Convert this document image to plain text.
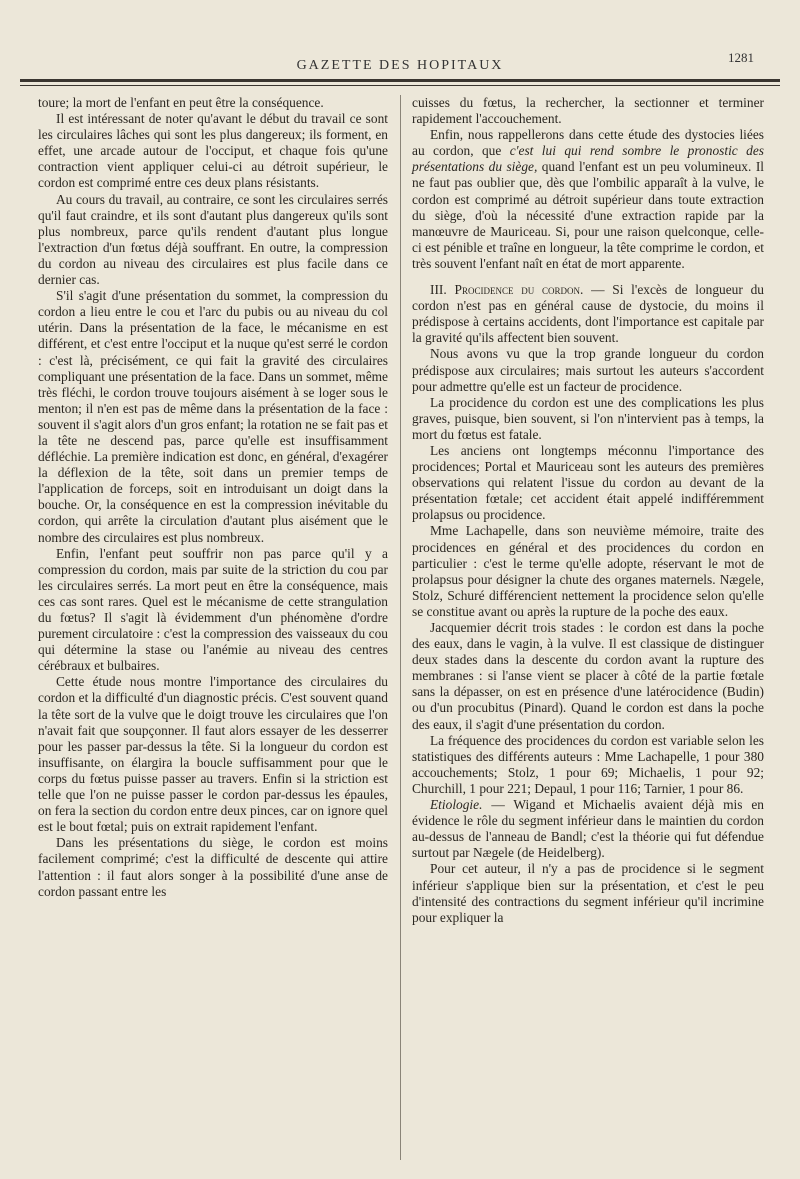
1281
GAZETTE DES HOPITAUX

toure; la mort de l'enfant en peut être la conséquence.

Il est intéressant de noter qu'avant le début du travail ce sont les circulaires lâches qui sont les plus dangereux; ils forment, en effet, une arcade autour de l'occiput, et chaque fois qu'une contraction vient appliquer celui-ci au détroit supérieur, le cordon est comprimé entre ces deux plans résistants.

Au cours du travail, au contraire, ce sont les circulaires serrés qu'il faut craindre, et ils sont d'autant plus dangereux qu'ils sont plus nombreux, parce qu'ils rendent d'autant plus longue l'extraction d'un fœtus déjà souffrant. En outre, la compression du cordon au niveau des circulaires est plus facile dans ce dernier cas.

S'il s'agit d'une présentation du sommet, la compression du cordon a lieu entre le cou et l'arc du pubis ou au niveau du col utérin. Dans la présentation de la face, le mécanisme en est différent, et c'est entre l'occiput et la nuque qu'est serré le cordon : c'est là, précisément, ce qui fait la gravité des circulaires compliquant une présentation de la face. Dans un sommet, même très fléchi, le cordon trouve toujours aisément à se loger sous le menton; il n'en est pas de même dans la présentation de la face : souvent il s'agit alors d'un gros enfant; la rotation ne se fait pas et la tête ne descend pas, parce qu'elle est insuffisamment défléchie. La première indication est donc, en général, d'exagérer la déflexion de la tête, soit dans un premier temps de l'application de forceps, soit en introduisant un doigt dans la bouche. Or, la conséquence en est la compression inévitable du cordon, qui arrête la circulation d'autant plus aisément que le nombre des circulaires est plus nombreux.

Enfin, l'enfant peut souffrir non pas parce qu'il y a compression du cordon, mais par suite de la striction du cou par les circulaires serrés. La mort peut en être la conséquence, mais ces cas sont rares. Quel est le mécanisme de cette strangulation du fœtus? Il s'agit là évidemment d'un phénomène d'ordre purement circulatoire : c'est la compression des vaisseaux du cou qui détermine la stase ou l'anémie au niveau des centres cérébraux et bulbaires.

Cette étude nous montre l'importance des circulaires du cordon et la difficulté d'un diagnostic précis. C'est souvent quand la tête sort de la vulve que le doigt trouve les circulaires que l'on n'avait fait que soupçonner. Il faut alors essayer de les desserrer pour les passer par-dessus la tête. Si la longueur du cordon est insuffisante, on élargira la boucle suffisamment pour que le corps du fœtus puisse passer au travers. Enfin si la striction est telle que l'on ne puisse passer le cordon par-dessus les épaules, on fera la section du cordon entre deux pinces, car on ignore quel est le bout fœtal; puis on extrait rapidement l'enfant.

Dans les présentations du siège, le cordon est moins facilement comprimé; c'est la difficulté de descente qui attire l'attention : il faut alors songer à la possibilité d'une anse de cordon passant entre les

cuisses du fœtus, la rechercher, la sectionner et terminer rapidement l'accouchement.

Enfin, nous rappellerons dans cette étude des dystocies liées au cordon, que c'est lui qui rend sombre le pronostic des présentations du siège, quand l'enfant est un peu volumineux. Il ne faut pas oublier que, dès que l'ombilic apparaît à la vulve, le cordon est comprimé au détroit supérieur dans toute extraction du siège, d'où la nécessité d'une extraction rapide par la manœuvre de Mauriceau. Si, pour une raison quelconque, celle-ci est pénible et traîne en longueur, la tête comprime le cordon, et très souvent l'enfant naît en état de mort apparente.

III. Procidence du cordon. — Si l'excès de longueur du cordon n'est pas en général cause de dystocie, du moins il prédispose à certains accidents, dont l'importance est capitale par la gravité qu'ils affectent bien souvent.

Nous avons vu que la trop grande longueur du cordon prédispose aux circulaires; mais surtout les auteurs s'accordent pour admettre qu'elle est un facteur de procidence.

La procidence du cordon est une des complications les plus graves, puisque, bien souvent, si l'on n'intervient pas à temps, la mort du fœtus est fatale.

Les anciens ont longtemps méconnu l'importance des procidences; Portal et Mauriceau sont les auteurs des premières observations qui relatent l'issue du cordon au devant de la présentation fœtale; cet accident était appelé indifféremment prolapsus ou procidence.

Mme Lachapelle, dans son neuvième mémoire, traite des procidences en général et des procidences du cordon en particulier : c'est le terme qu'elle adopte, réservant le mot de prolapsus pour désigner la chute des organes maternels. Nægele, Stolz, Schuré différencient nettement la procidence selon qu'elle se constitue avant ou après la rupture de la poche des eaux.

Jacquemier décrit trois stades : le cordon est dans la poche des eaux, dans le vagin, à la vulve. Il est classique de distinguer deux stades dans la descente du cordon avant la rupture des membranes : si l'anse vient se placer à côté de la partie fœtale sans la dépasser, on est en présence d'une latérocidence (Budin) ou d'un procubitus (Pinard). Quand le cordon est dans la poche des eaux, il s'agit d'une présentation du cordon.

La fréquence des procidences du cordon est variable selon les statistiques des différents auteurs : Mme Lachapelle, 1 pour 380 accouchements; Stolz, 1 pour 69; Michaelis, 1 pour 92; Churchill, 1 pour 221; Depaul, 1 pour 116; Tarnier, 1 pour 86.

Etiologie. — Wigand et Michaelis avaient déjà mis en évidence le rôle du segment inférieur dans le maintien du cordon au-dessus de l'anneau de Bandl; c'est la théorie qui fut défendue surtout par Nægele (de Heidelberg).

Pour cet auteur, il n'y a pas de procidence si le segment inférieur s'applique bien sur la présentation, et c'est le peu d'intensité des contractions du segment inférieur qu'il incrimine pour expliquer la
